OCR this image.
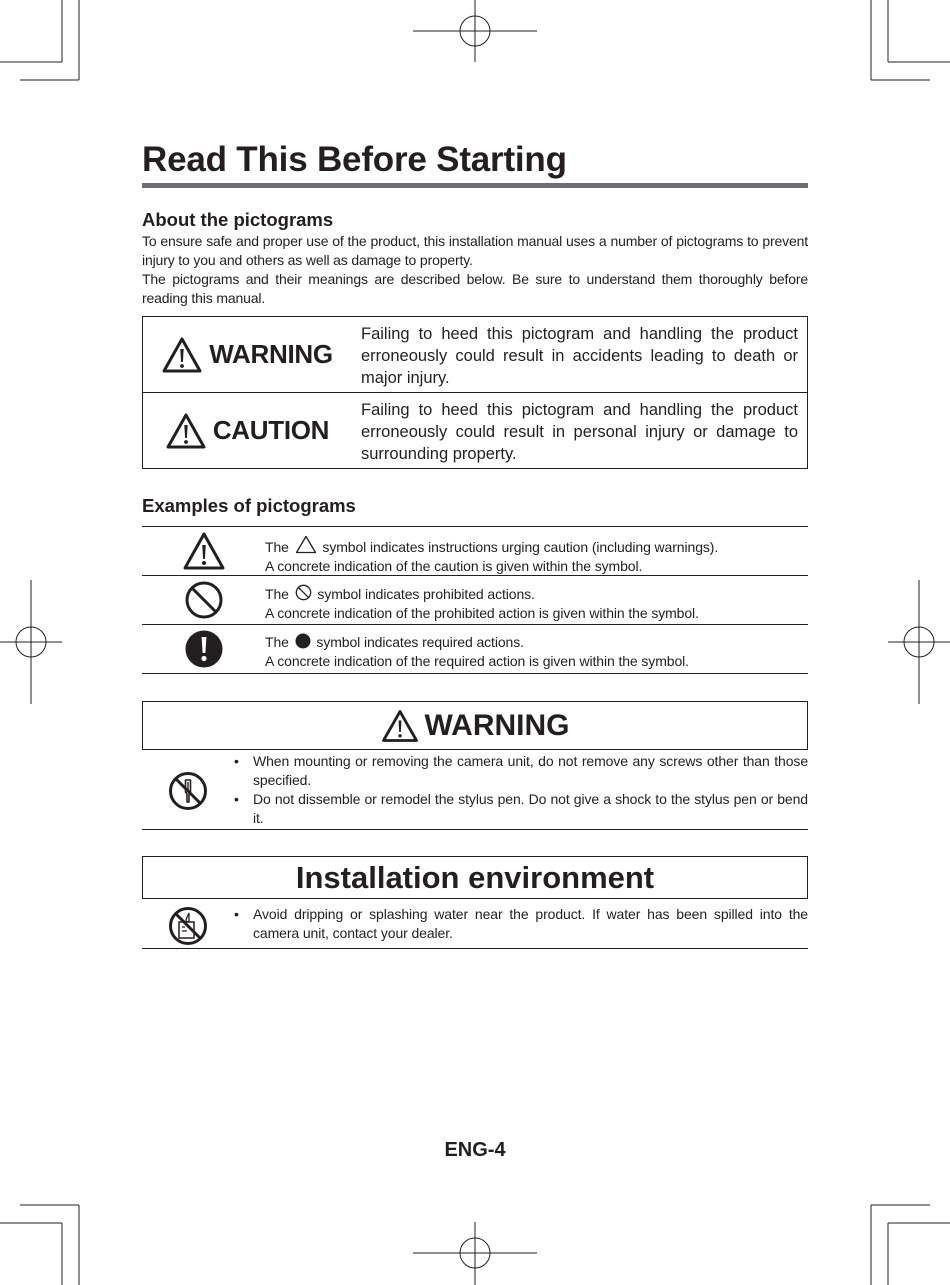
Read This Before Starting
About the pictograms

To ensure safe and proper use of the product, this installation manual uses a number of pictograms to prevent injury to you and others as well as damage to property.

The pictograms and their meanings are described below. Be sure to understand them thoroughly before reading this manual.

WARNING
Failing to heed this pictogram and handling the product erroneously could result in accidents leading to death or major injury.
CAUTION
Failing to heed this pictogram and handling the product erroneously could result in personal injury or damage to surrounding property.
Examples of pictograms
The symbol indicates instructions urging caution (including warnings).
A concrete indication of the caution is given within the symbol.
The symbol indicates prohibited actions.
A concrete indication of the prohibited action is given within the symbol.
The symbol indicates required actions.
A concrete indication of the required action is given within the symbol.
WARNING
• When mounting or removing the camera unit, do not remove any screws other than those specified.
• Do not dissemble or remodel the stylus pen. Do not give a shock to the stylus pen or bend it.
Installation environment
• Avoid dripping or splashing water near the product. If water has been spilled into the camera unit, contact your dealer.

ENG-4
